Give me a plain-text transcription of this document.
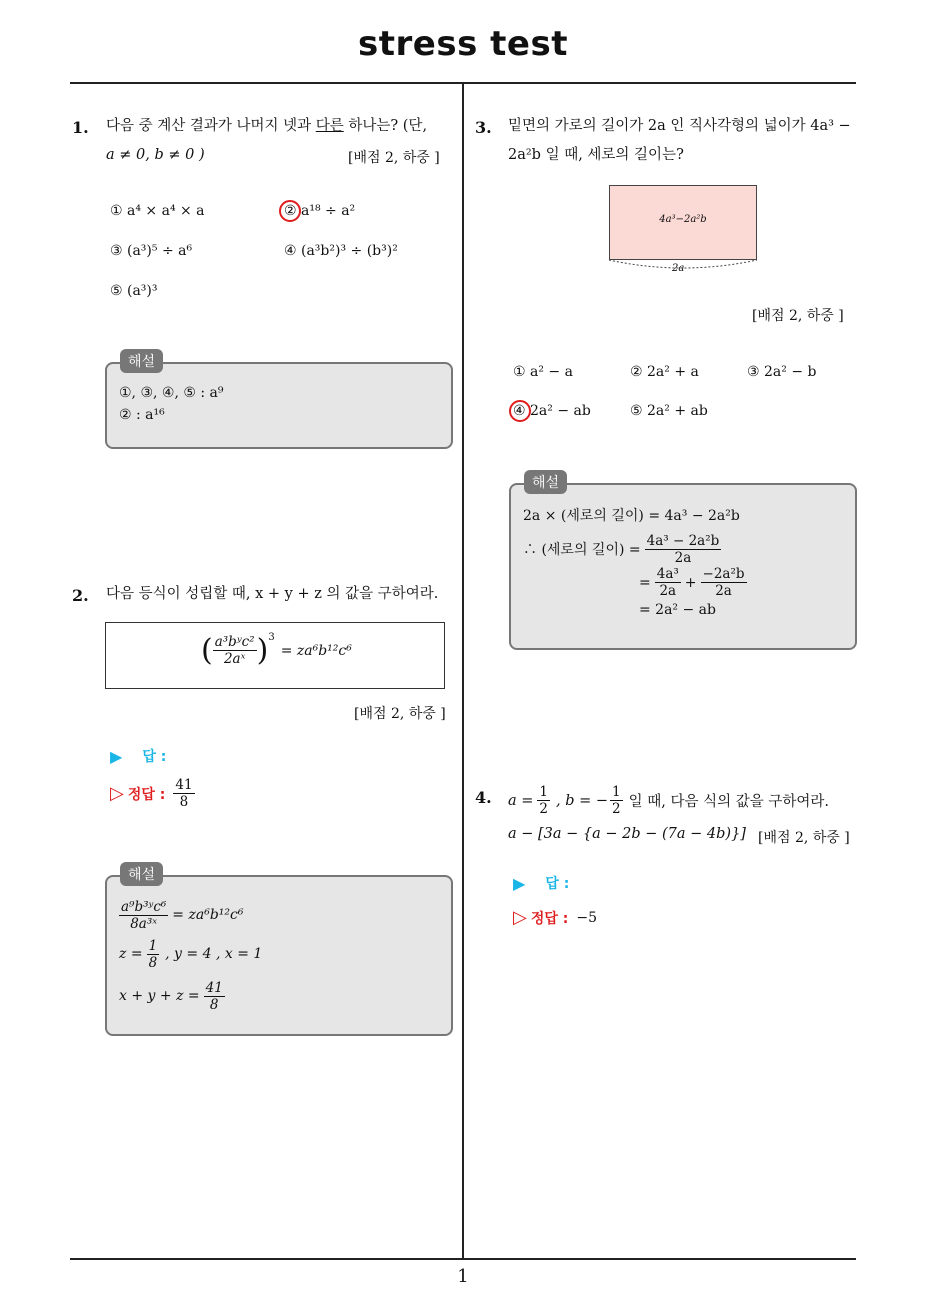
stress test
1. 다음 중 계산 결과가 나머지 넷과 다른 하나는? (단,
a ≠ 0, b ≠ 0 )	[배점 2, 하중 ]
① a⁴ × a⁴ × a	② a¹⁸ ÷ a²
③ (a³)⁵ ÷ a⁶	④ (a³b²)³ ÷ (b³)²
⑤ (a³)³
①, ③, ④, ⑤ : a⁹
② : a¹⁶
해설
2. 다음 등식이 성립할 때, x + y + z 의 값을 구하여라.
( $\frac{\text{a³bʸc²}}{\text{2aˣ}}$ ) 3
= za⁶b¹²c⁶
[배점 2, 하중 ]
▶ 답 :
▷ 정답 : $\frac{41}{8}$
$\frac{\text{a⁹b³ʸc⁶}}{\text{8a³ˣ}} = za^6b^{12}c^6$
$z = \frac{1}{8}$ , y = 4 , x = 1
$x + y + z = \frac{41}{8}$
해설
3. 밑면의 가로의 길이가 2a 인 직사각형의 넓이가 4a³ −
2a²b 일 때, 세로의 길이는?
4a³−2a²b
2a
[배점 2, 하중 ]
① a² − a	② 2a² + a	③ 2a² − b
④ 2a² − ab	⑤ 2a² + ab
2a × (세로의 길이) = 4a³ − 2a²b
∴ (세로의 길이) = $\frac{\text{4a³ − 2a²b}}{2a}$
= $\frac{\text{4a³}}{2a} + \frac{\text{−2a²b}}{2a}$
= 2a² − ab
해설
4. $a = \frac{1}{2}$ , b = − $\frac{1}{2}$ 일 때, 다음 식의 값을 구하여라.
a − [3a − {a − 2b − (7a − 4b)}] [배점 2, 하중 ]
▶ 답 :
▷ 정답 : −5
1
